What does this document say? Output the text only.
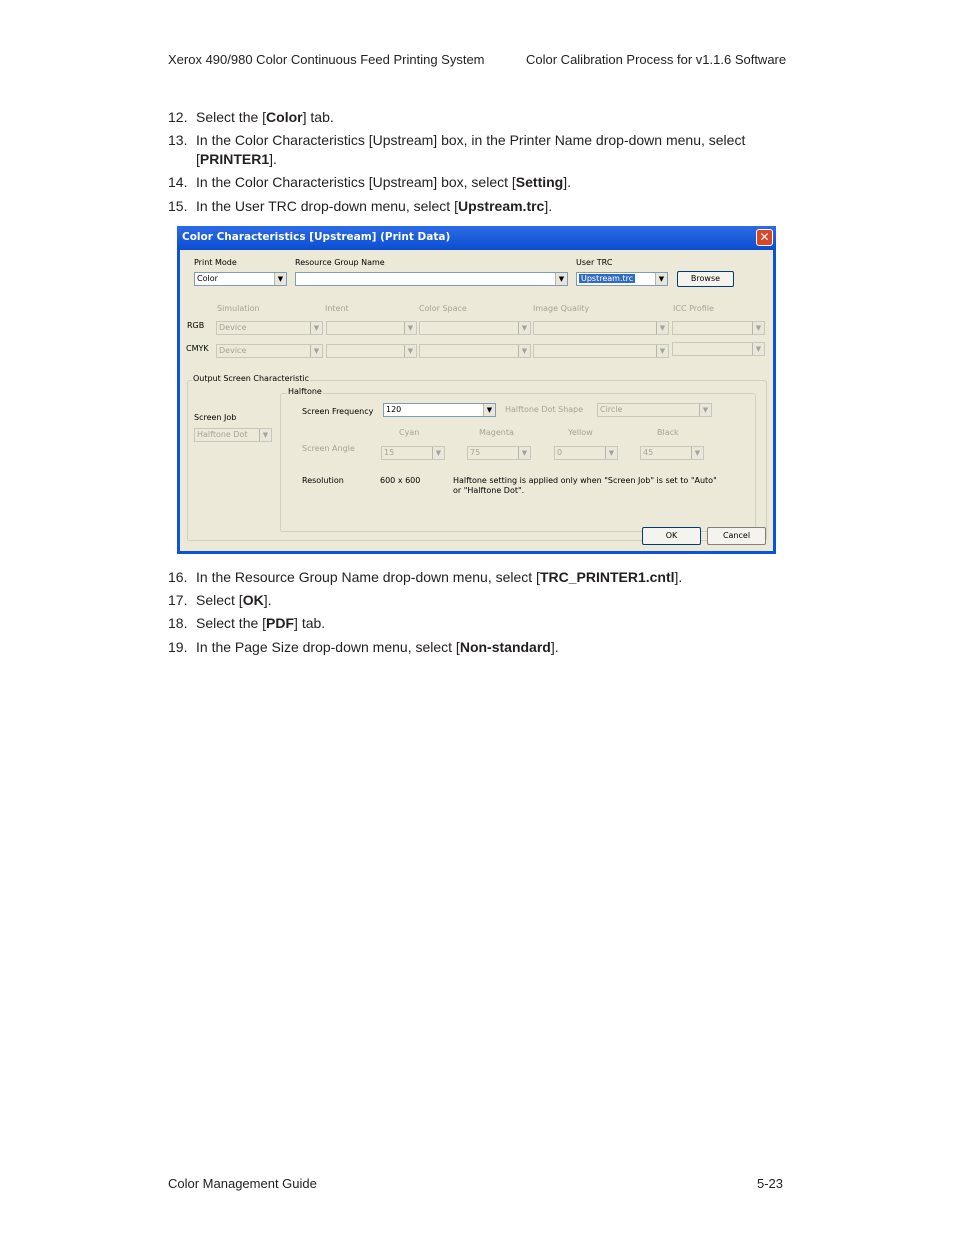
Xerox 490/980 Color Continuous Feed Printing System	Color Calibration Process for v1.1.6 Software
12. Select the [Color] tab.
13. In the Color Characteristics [Upstream] box, in the Printer Name drop-down menu, select [PRINTER1].
14. In the Color Characteristics [Upstream] box, select [Setting].
15. In the User TRC drop-down menu, select [Upstream.trc].
Color Characteristics [Upstream] (Print Data)	✕
Print Mode
Color	▼
Resource Group Name
▼
User TRC
Upstream.trc	▼	Browse
Simulation	Intent	Color Space	Image Quality	ICC Profile
RGB Device	▼	▼	▼	▼	▼
CMYK Device	▼	▼	▼	▼	▼
Output Screen Characteristic
Screen Job
Halftone Dot	▼
Halftone
Screen Frequency 120	▼	Halftone Dot Shape Circle	▼
Cyan	Magenta	Yellow	Black
Screen Angle	15	▼	75	▼	0	▼	45	▼
Resolution	600 x 600	Halftone setting is applied only when "Screen Job" is set to "Auto"
or "Halftone Dot".
OK	Cancel
16. In the Resource Group Name drop-down menu, select [TRC_PRINTER1.cntl].
17. Select [OK].
18. Select the [PDF] tab.
19. In the Page Size drop-down menu, select [Non-standard].
Color Management Guide	5-23
